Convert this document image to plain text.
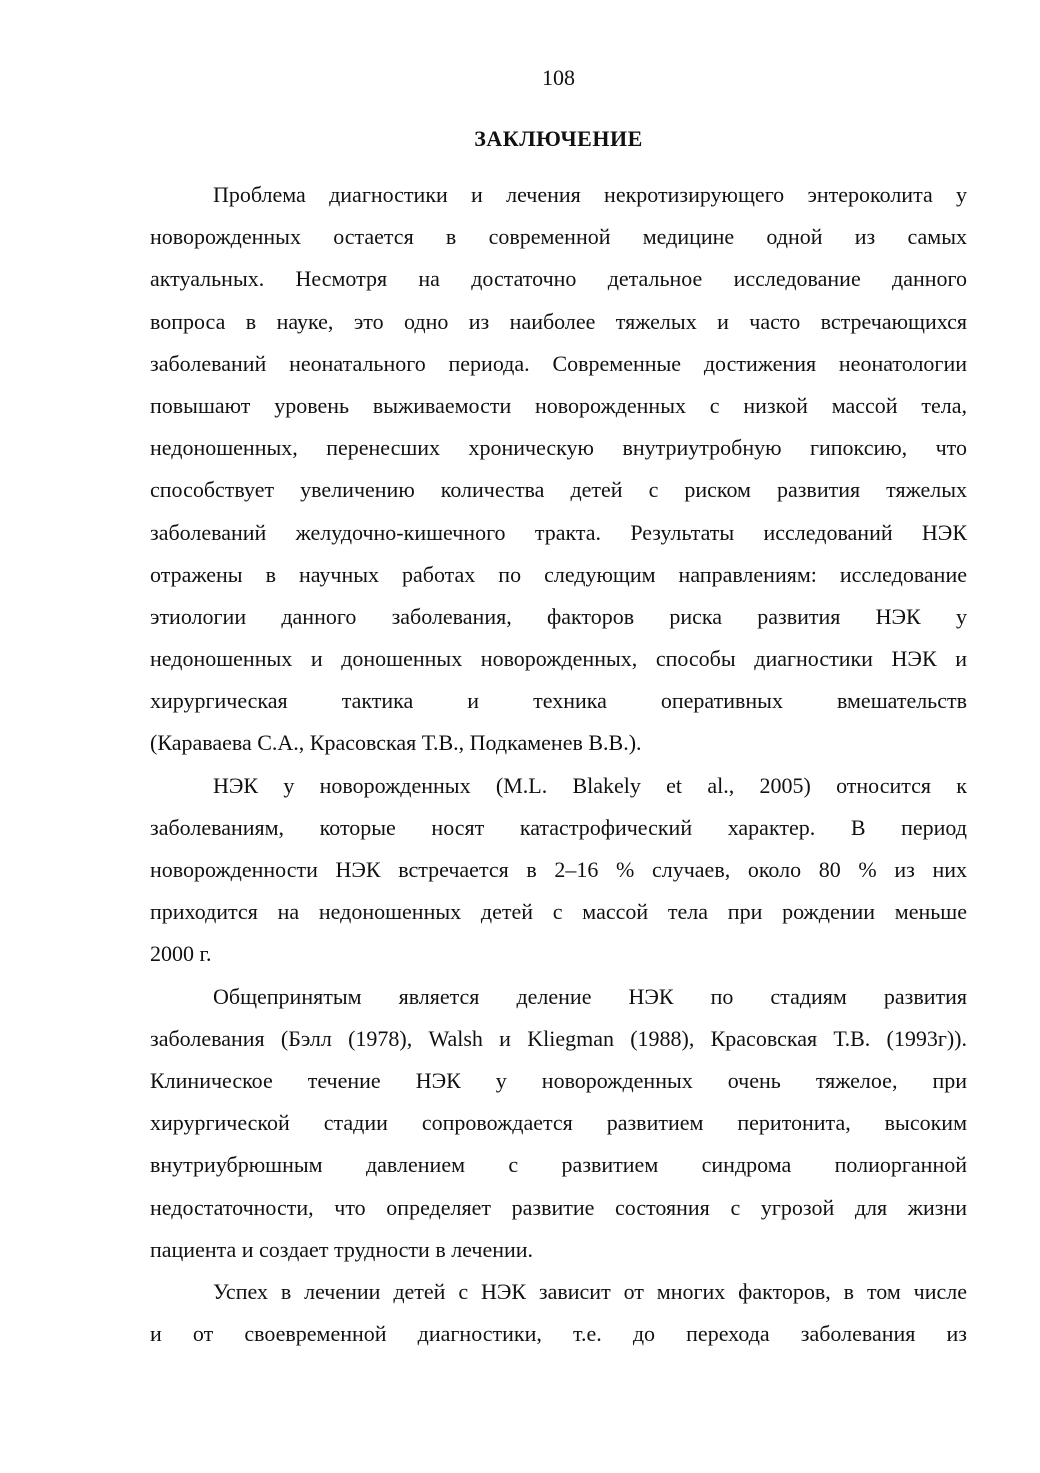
108
ЗАКЛЮЧЕНИЕ

Проблема диагностики и лечения некротизирующего энтероколита у
новорожденных остается в современной медицине одной из самых
актуальных. Несмотря на достаточно детальное исследование данного
вопроса в науке, это одно из наиболее тяжелых и часто встречающихся
заболеваний неонатального периода. Современные достижения неонатологии
повышают уровень выживаемости новорожденных с низкой массой тела,
недоношенных, перенесших хроническую внутриутробную гипоксию, что
способствует увеличению количества детей с риском развития тяжелых
заболеваний желудочно-кишечного тракта. Результаты исследований НЭК
отражены в научных работах по следующим направлениям: исследование
этиологии данного заболевания, факторов риска развития НЭК у
недоношенных и доношенных новорожденных, способы диагностики НЭК и
хирургическая тактика и техника оперативных вмешательств
(Караваева С.А., Красовская Т.В., Подкаменев В.В.).

НЭК у новорожденных (M.L. Blakely et al., 2005) относится к
заболеваниям, которые носят катастрофический характер. В период
новорожденности НЭК встречается в 2–16 % случаев, около 80 % из них
приходится на недоношенных детей с массой тела при рождении меньше
2000 г.

Общепринятым является деление НЭК по стадиям развития
заболевания (Бэлл (1978), Walsh и Kliegman (1988), Красовская Т.В. (1993г)).
Клиническое течение НЭК у новорожденных очень тяжелое, при
хирургической стадии сопровождается развитием перитонита, высоким
внутриубрюшным давлением с развитием синдрома полиорганной
недостаточности, что определяет развитие состояния с угрозой для жизни
пациента и создает трудности в лечении.

Успех в лечении детей с НЭК зависит от многих факторов, в том числе
и от своевременной диагностики, т.е. до перехода заболевания из
